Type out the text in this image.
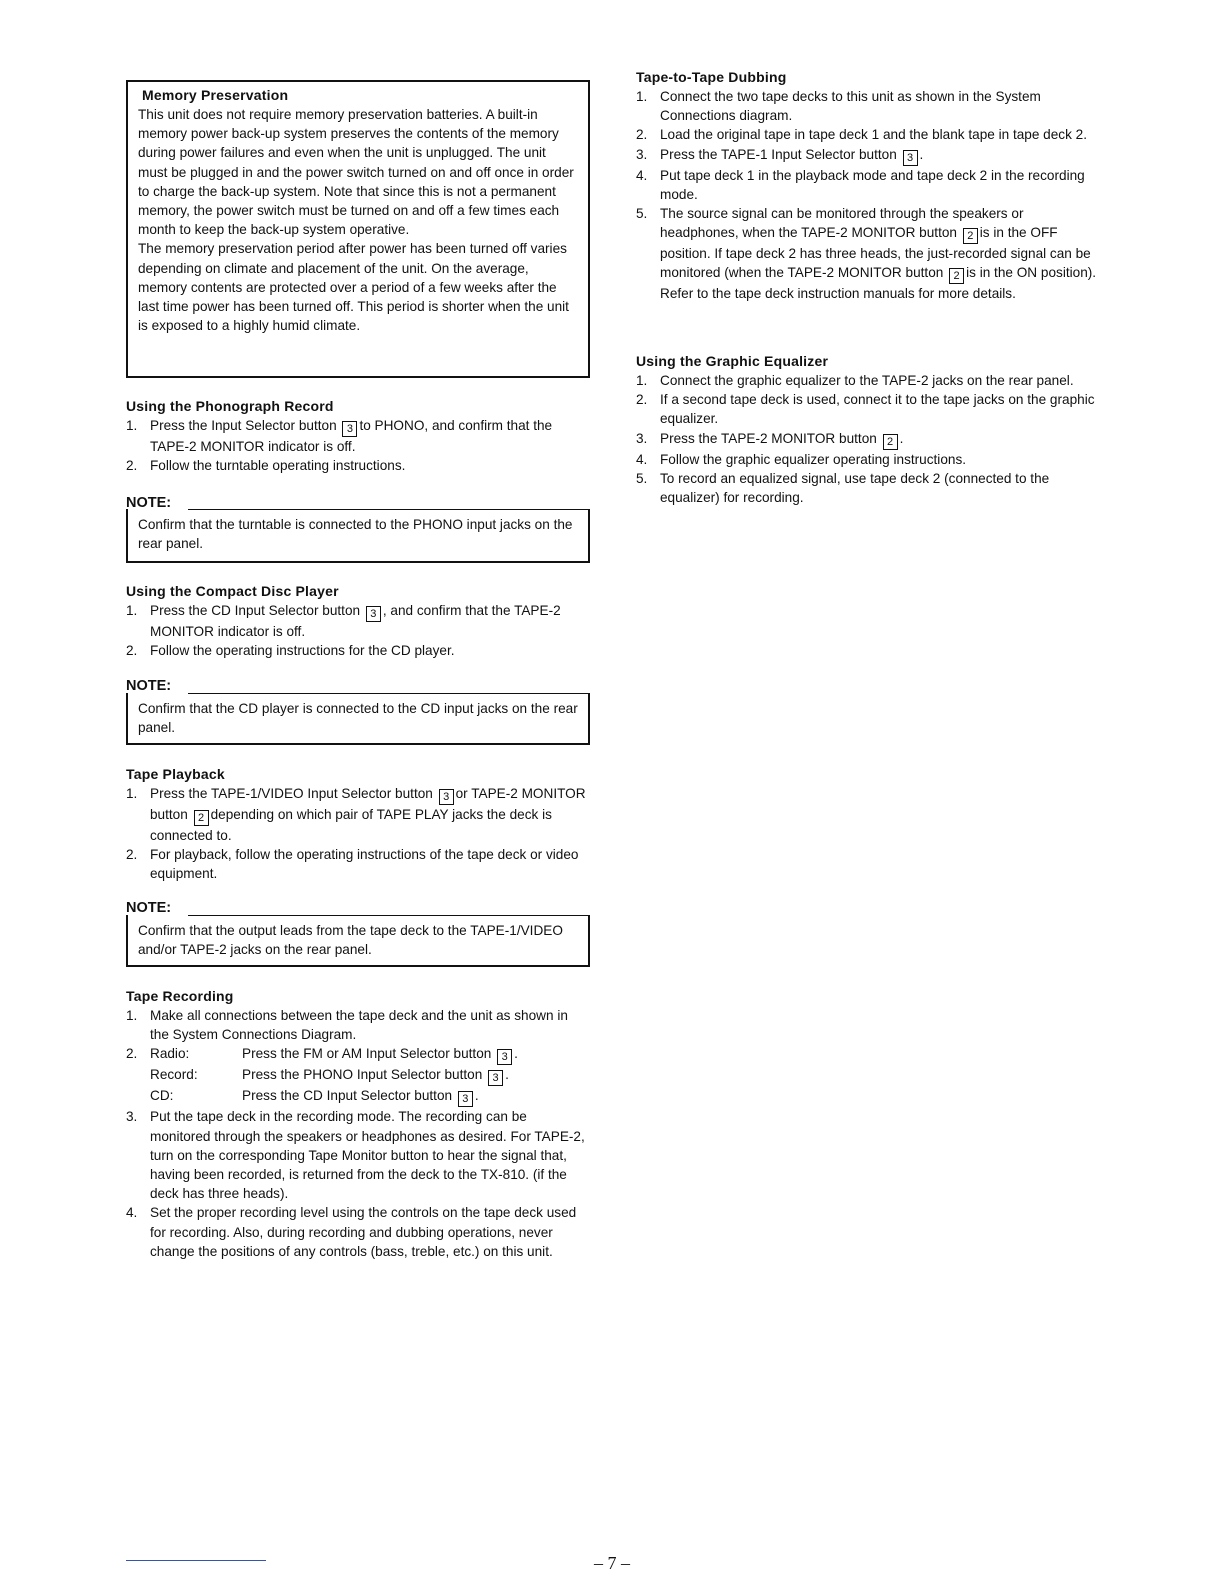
Memory Preservation
This unit does not require memory preservation batteries. A built-in memory power back-up system preserves the contents of the memory during power failures and even when the unit is unplugged. The unit must be plugged in and the power switch turned on and off once in order to charge the back-up system. Note that since this is not a permanent memory, the power switch must be turned on and off a few times each month to keep the back-up system operative.
The memory preservation period after power has been turned off varies depending on climate and placement of the unit. On the average, memory contents are protected over a period of a few weeks after the last time power has been turned off. This period is shorter when the unit is exposed to a highly humid climate.
Using the Phonograph Record
1. Press the Input Selector button 3 to PHONO, and confirm that the TAPE-2 MONITOR indicator is off.
2. Follow the turntable operating instructions.
NOTE:
Confirm that the turntable is connected to the PHONO input jacks on the rear panel.
Using the Compact Disc Player
1. Press the CD Input Selector button 3 , and confirm that the TAPE-2 MONITOR indicator is off.
2. Follow the operating instructions for the CD player.
NOTE:
Confirm that the CD player is connected to the CD input jacks on the rear panel.
Tape Playback
1. Press the TAPE-1/VIDEO Input Selector button 3 or TAPE-2 MONITOR button 2 depending on which pair of TAPE PLAY jacks the deck is connected to.
2. For playback, follow the operating instructions of the tape deck or video equipment.
NOTE:
Confirm that the output leads from the tape deck to the TAPE-1/VIDEO and/or TAPE-2 jacks on the rear panel.
Tape Recording
1. Make all connections between the tape deck and the unit as shown in the System Connections Diagram.
2. Radio:	Press the FM or AM Input Selector button 3 .
Record:	Press the PHONO Input Selector button 3 .
CD:	Press the CD Input Selector button 3 .
3. Put the tape deck in the recording mode. The recording can be monitored through the speakers or headphones as desired. For TAPE-2, turn on the corresponding Tape Monitor button to hear the signal that, having been recorded, is returned from the deck to the TX-810. (if the deck has three heads).
4. Set the proper recording level using the controls on the tape deck used for recording. Also, during recording and dubbing operations, never change the positions of any controls (bass, treble, etc.) on this unit.
Tape-to-Tape Dubbing
1. Connect the two tape decks to this unit as shown in the System Connections diagram.
2. Load the original tape in tape deck 1 and the blank tape in tape deck 2.
3. Press the TAPE-1 Input Selector button 3 .
4. Put tape deck 1 in the playback mode and tape deck 2 in the recording mode.
5. The source signal can be monitored through the speakers or headphones, when the TAPE-2 MONITOR button 2 is in the OFF position. If tape deck 2 has three heads, the just-recorded signal can be monitored (when the TAPE-2 MONITOR button 2 is in the ON position). Refer to the tape deck instruction manuals for more details.
Using the Graphic Equalizer
1. Connect the graphic equalizer to the TAPE-2 jacks on the rear panel.
2. If a second tape deck is used, connect it to the tape jacks on the graphic equalizer.
3. Press the TAPE-2 MONITOR button 2 .
4. Follow the graphic equalizer operating instructions.
5. To record an equalized signal, use tape deck 2 (connected to the equalizer) for recording.
– 7 –
